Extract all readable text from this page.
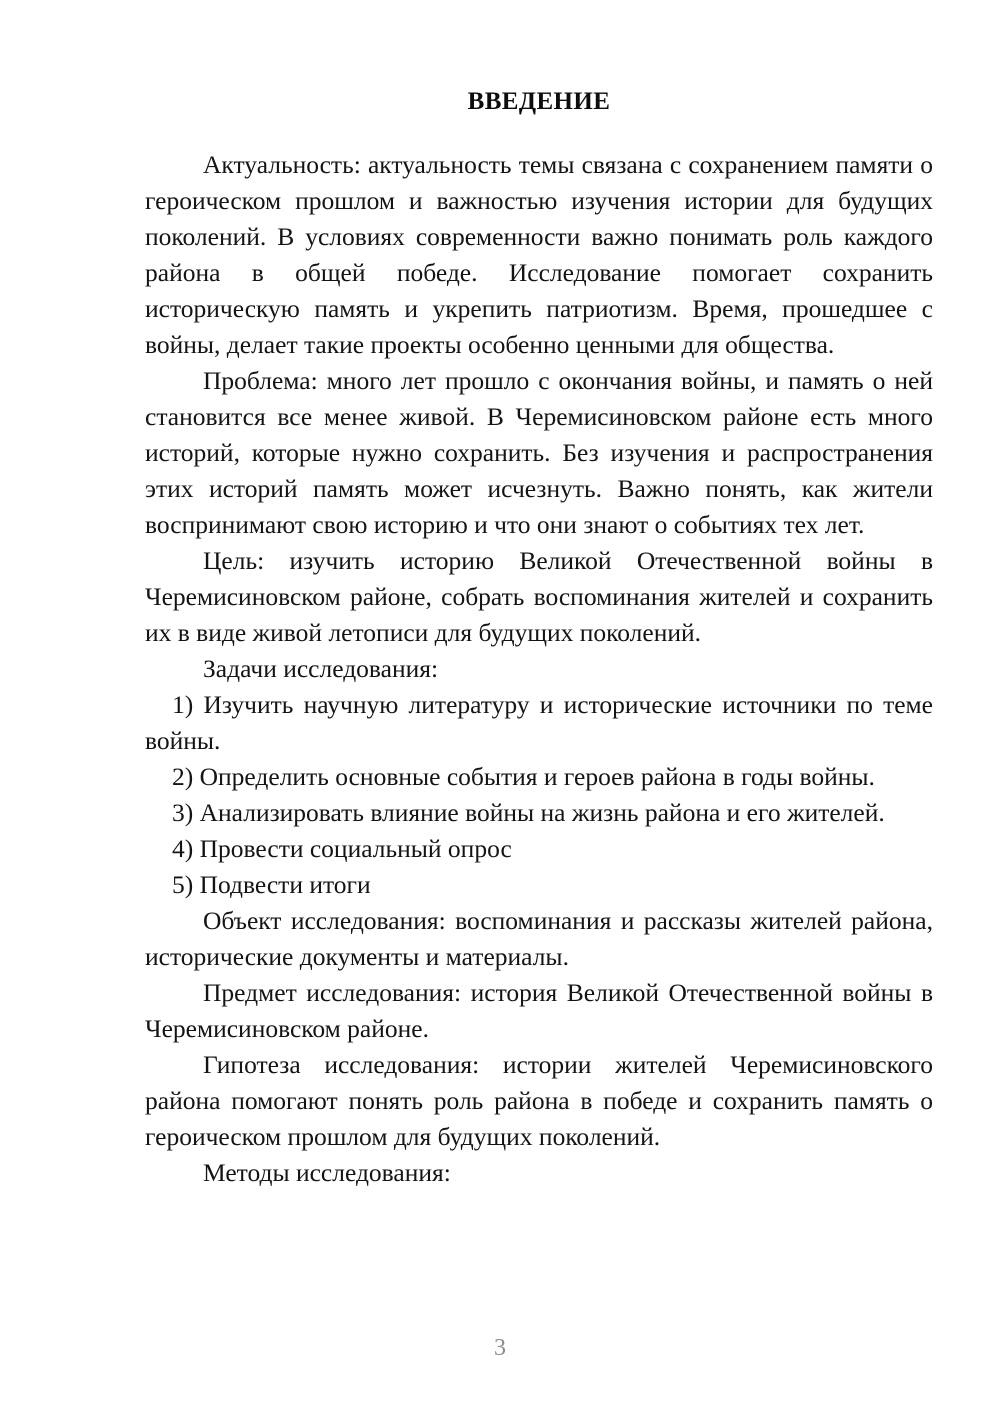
ВВЕДЕНИЕ

Актуальность: актуальность темы связана с сохранением памяти о героическом прошлом и важностью изучения истории для будущих поколений. В условиях современности важно понимать роль каждого района в общей победе. Исследование помогает сохранить историческую память и укрепить патриотизм. Время, прошедшее с войны, делает такие проекты особенно ценными для общества.

Проблема: много лет прошло с окончания войны, и память о ней становится все менее живой. В Черемисиновском районе есть много историй, которые нужно сохранить. Без изучения и распространения этих историй память может исчезнуть. Важно понять, как жители воспринимают свою историю и что они знают о событиях тех лет.

Цель: изучить историю Великой Отечественной войны в Черемисиновском районе, собрать воспоминания жителей и сохранить их в виде живой летописи для будущих поколений.

Задачи исследования:

1) Изучить научную литературу и исторические источники по теме войны.

2) Определить основные события и героев района в годы войны.

3) Анализировать влияние войны на жизнь района и его жителей.

4) Провести социальный опрос

5) Подвести итоги

Объект исследования: воспоминания и рассказы жителей района, исторические документы и материалы.

Предмет исследования: история Великой Отечественной войны в Черемисиновском районе.

Гипотеза исследования: истории жителей Черемисиновского района помогают понять роль района в победе и сохранить память о героическом прошлом для будущих поколений.

Методы исследования:

3
